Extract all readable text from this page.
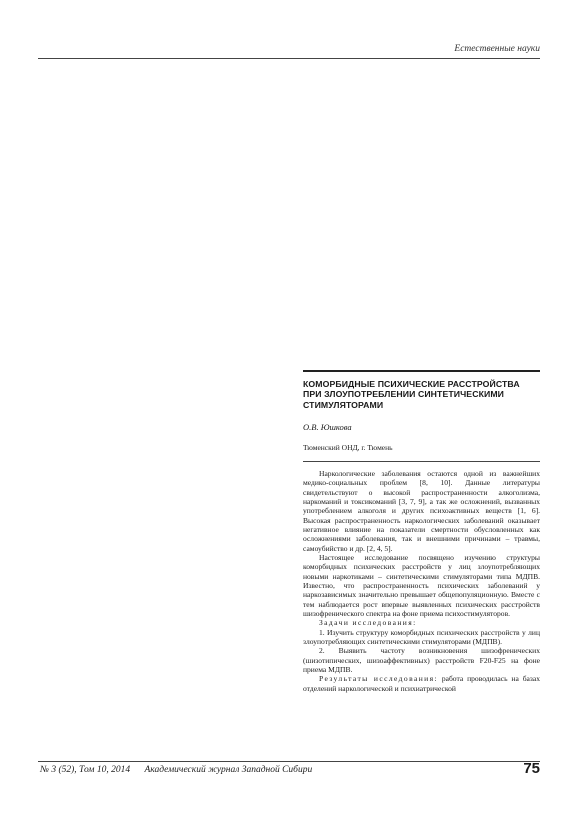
Естественные науки
КОМОРБИДНЫЕ ПСИХИЧЕСКИЕ РАССТРОЙСТВА ПРИ ЗЛОУПОТРЕБЛЕНИИ СИНТЕТИЧЕСКИМИ СТИМУЛЯТОРАМИ
О.В. Юшкова
Тюменский ОНД, г. Тюмень

Наркологические заболевания остаются одной из важнейших медико-социальных проблем [8, 10]. Данные литературы свидетельствуют о высокой распространенности алкоголизма, наркоманий и токсикоманий [3, 7, 9], а так же осложнений, вызванных употреблением алкоголя и других психоактивных веществ [1, 6]. Высокая распространенность наркологических заболеваний оказывает негативное влияние на показатели смертности обусловленных как осложнениями заболевания, так и внешними причинами – травмы, самоубийство и др. [2, 4, 5].

Настоящее исследование посвящено изучению структуры коморбидных психических расстройств у лиц злоупотребляющих новыми наркотиками – синтетическими стимуляторами типа МДПВ. Известно, что распространенность психических заболеваний у наркозависимых значительно превышает общепопуляционную. Вместе с тем наблюдается рост впервые выявленных психических расстройств шизофренического спектра на фоне приема психостимуляторов.

Задачи исследования:

1. Изучить структуру коморбидных психических расстройств у лиц злоупотребляющих синтетическими стимуляторами (МДПВ).

2. Выявить частоту возникновения шизофренических (шизотипических, шизоаффективных) расстройств F20-F25 на фоне приема МДПВ.

Результаты исследования: работа проводилась на базах отделений наркологической и психиатрической

№ 3 (52), Том 10, 2014 Академический журнал Западной Сибири	75
